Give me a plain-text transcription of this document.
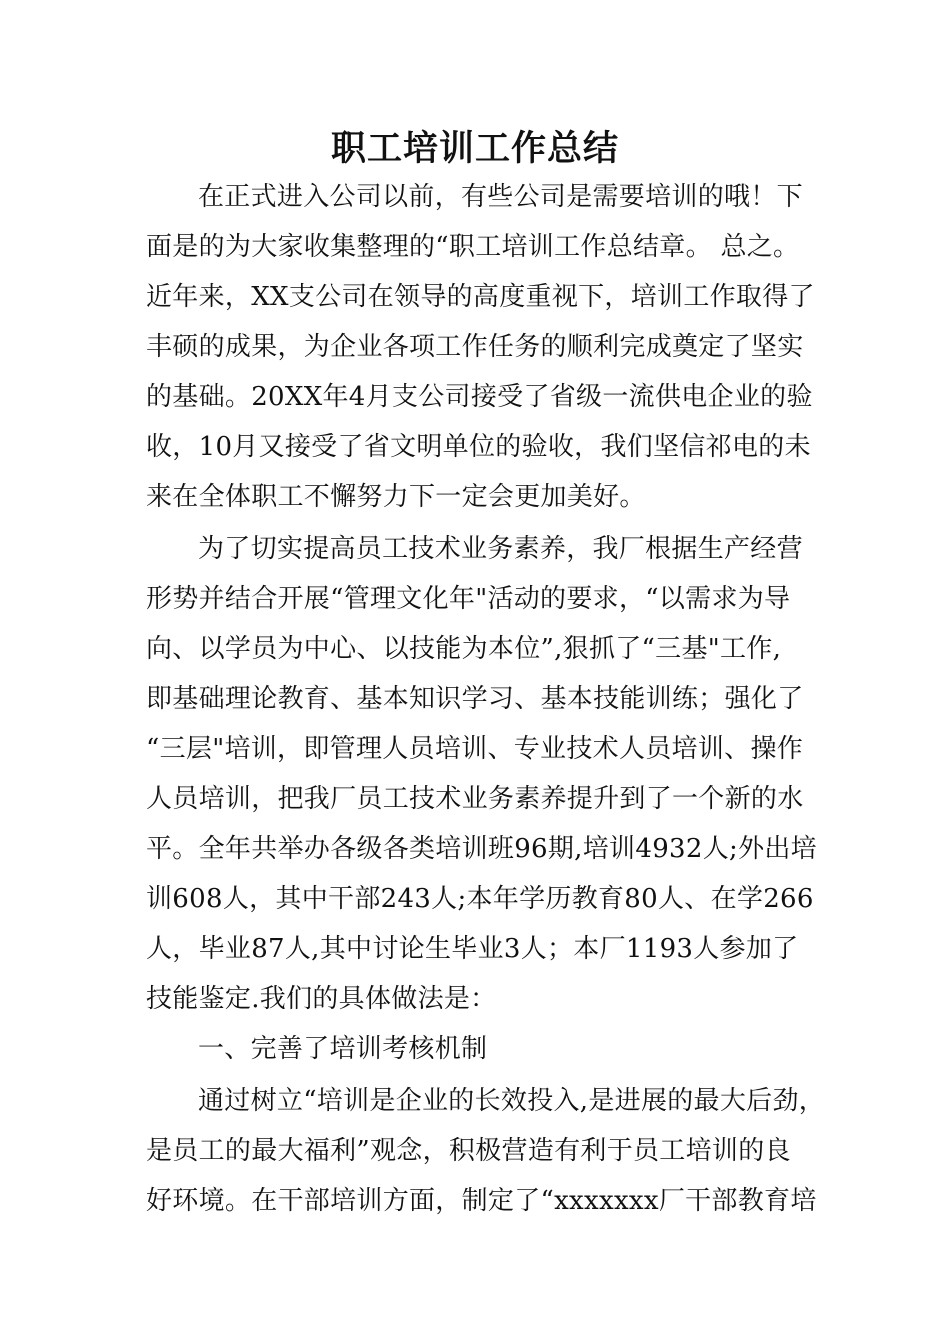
职工培训工作总结
在正式进入公司以前，有些公司是需要培训的哦！下
面是的为大家收集整理的“职工培训工作总结章。 总之。
近年来，XX支公司在领导的高度重视下，培训工作取得了
丰硕的成果，为企业各项工作任务的顺利完成奠定了坚实
的基础。20XX年4月支公司接受了省级一流供电企业的验
收，10月又接受了省文明单位的验收，我们坚信祁电的未
来在全体职工不懈努力下一定会更加美好。
为了切实提高员工技术业务素养，我厂根据生产经营
形势并结合开展“管理文化年"活动的要求，“以需求为导
向、以学员为中心、以技能为本位”,狠抓了“三基"工作,
即基础理论教育、基本知识学习、基本技能训练；强化了
“三层"培训，即管理人员培训、专业技术人员培训、操作
人员培训，把我厂员工技术业务素养提升到了一个新的水
平。全年共举办各级各类培训班96期,培训4932人;外出培
训608人，其中干部243人;本年学历教育80人、在学266
人，毕业87人,其中讨论生毕业3人；本厂1193人参加了
技能鉴定.我们的具体做法是：
一、完善了培训考核机制
通过树立“培训是企业的长效投入,是进展的最大后劲，
是员工的最大福利”观念，积极营造有利于员工培训的良
好环境。在干部培训方面，制定了“xxxxxxx厂干部教育培
